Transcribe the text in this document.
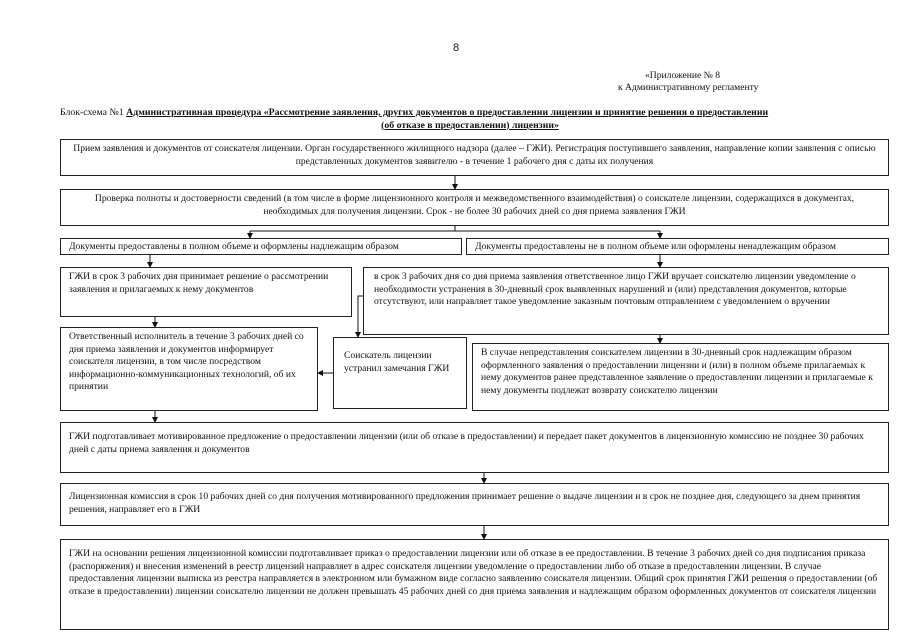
8
«Приложение № 8
к Административному регламенту
Блок-схема №1 Административная процедура «Рассмотрение заявления, других документов о предоставлении лицензии и принятие решения о предоставлении
(об отказе в предоставлении) лицензии»
Прием заявления и документов от соискателя лицензии. Орган государственного жилищного надзора (далее – ГЖИ). Регистрация поступившего заявления, направление копии заявления с описью представленных документов заявителю - в течение 1 рабочего дня с даты их получения
Проверка полноты и достоверности сведений (в том числе в форме лицензионного контроля и межведомственного взаимодействия) о соискателе лицензии, содержащихся в документах, необходимых для получения лицензии. Срок - не более 30 рабочих дней со дня приема заявления ГЖИ
Документы предоставлены в полном объеме и оформлены надлежащим образом	Документы предоставлены не в полном объеме или оформлены ненадлежащим образом
ГЖИ в срок 3 рабочих дня принимает решение о рассмотрении заявления и прилагаемых к нему документов
в срок 3 рабочих дня со дня приема заявления ответственное лицо ГЖИ вручает соискателю лицензии уведомление о необходимости устранения в 30-дневный срок выявленных нарушений и (или) представления документов, которые отсутствуют, или направляет такое уведомление заказным почтовым отправлением с уведомлением о вручении
Ответственный исполнитель в течение 3 рабочих дней со дня приема заявления и документов информирует соискателя лицензии, в том числе посредством информационно-коммуникационных технологий, об их принятии
Соискатель лицензии устранил замечания ГЖИ
В случае непредставления соискателем лицензии в 30-дневный срок надлежащим образом оформленного заявления о предоставлении лицензии и (или) в полном объеме прилагаемых к нему документов ранее представленное заявление о предоставлении лицензии и прилагаемые к нему документы подлежат возврату соискателю лицензии
ГЖИ подготавливает мотивированное предложение о предоставлении лицензии (или об отказе в предоставлении) и передает пакет документов в лицензионную комиссию не позднее 30 рабочих дней с даты приема заявления и документов
Лицензионная комиссия в срок 10 рабочих дней со дня получения мотивированного предложения принимает решение о выдаче лицензии и в срок не позднее дня, следующего за днем принятия решения, направляет его в ГЖИ
ГЖИ на основании решения лицензионной комиссии подготавливает приказ о предоставлении лицензии или об отказе в ее предоставлении. В течение 3 рабочих дней со дня подписания приказа (распоряжения) и внесения изменений в реестр лицензий направляет в адрес соискателя лицензии уведомление о предоставлении либо об отказе в предоставлении лицензии. В случае предоставления лицензии выписка из реестра направляется в электронном или бумажном виде согласно заявлению соискателя лицензии. Общий срок принятия ГЖИ решения о предоставлении (об отказе в предоставлении) лицензии соискателю лицензии не должен превышать 45 рабочих дней со дня приема заявления и надлежащим образом оформленных документов от соискателя лицензии
